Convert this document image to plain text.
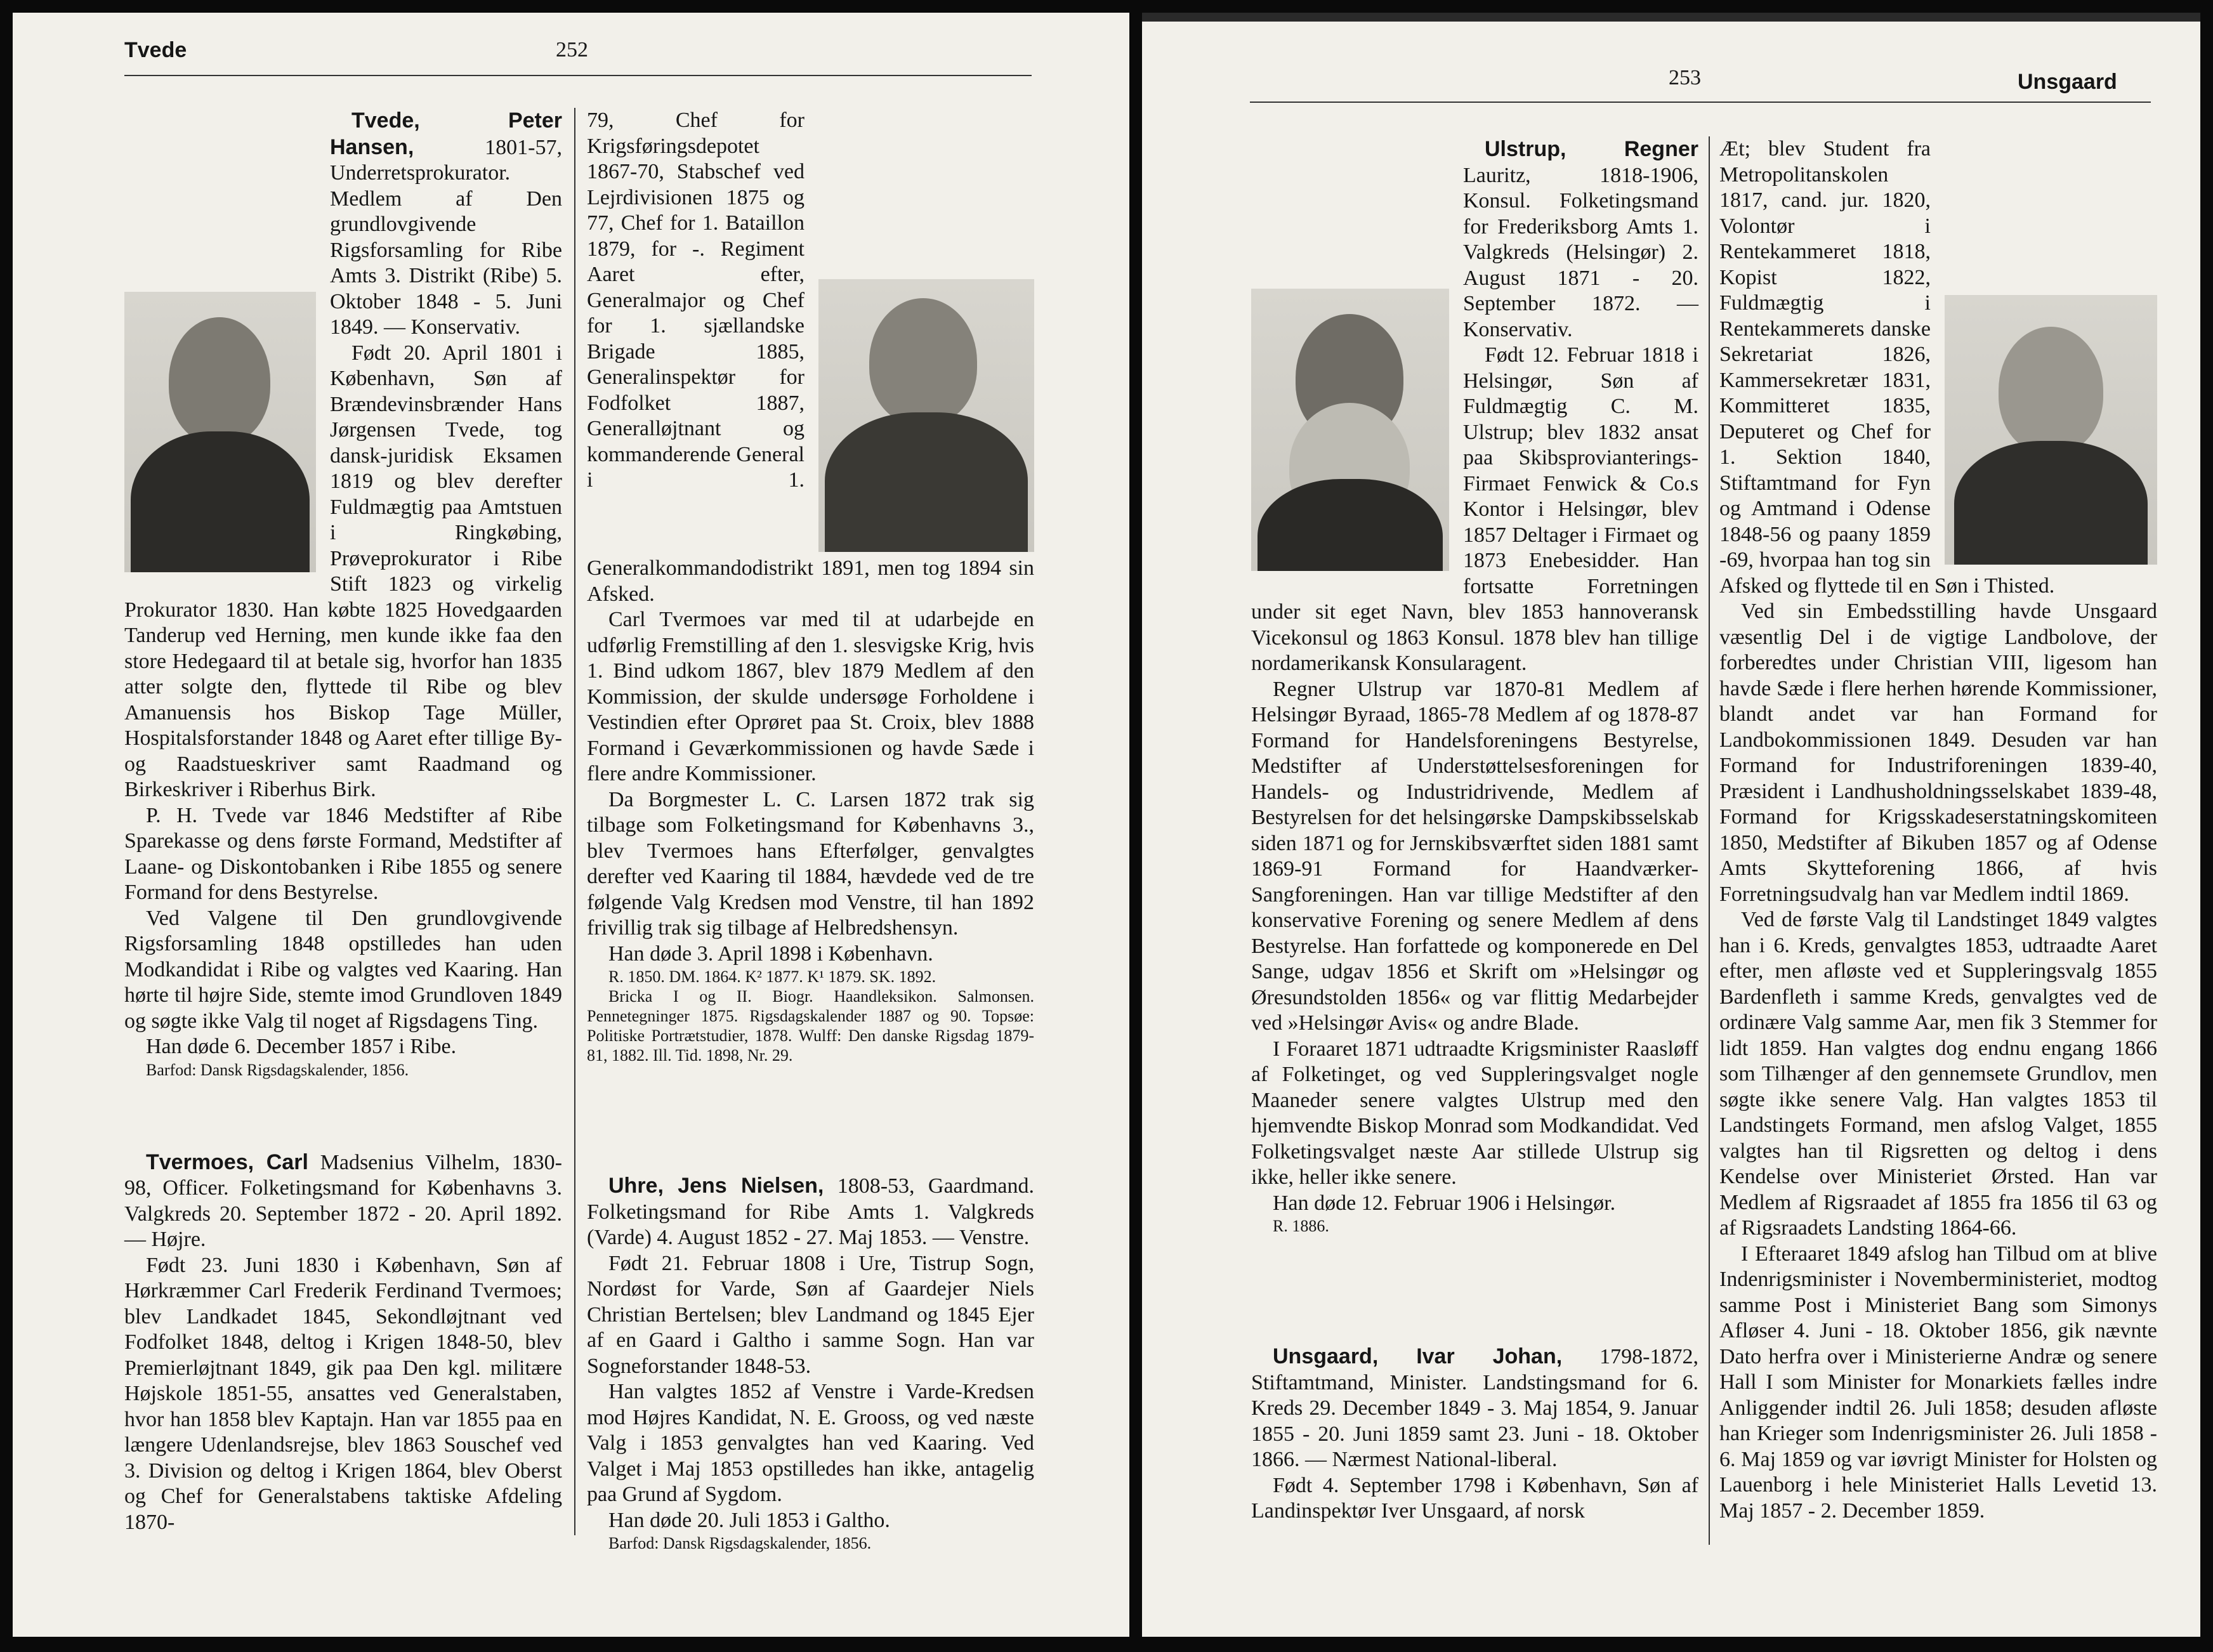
Tvede	252

Tvede, Peter Hansen, 1801-57, Underretsprokurator. Medlem af Den grundlovgivende Rigsforsamling for Ribe Amts 3. Distrikt (Ribe) 5. Oktober 1848 - 5. Juni 1849. — Konservativ.

Født 20. April 1801 i København, Søn af Brændevinsbrænder Hans Jørgensen Tvede, tog dansk-juridisk Eksamen 1819 og blev derefter Fuldmægtig paa Amtstuen i Ringkøbing, Prøveprokurator i Ribe Stift 1823 og virkelig Prokurator 1830. Han købte 1825 Hovedgaarden Tanderup ved Herning, men kunde ikke faa den store Hedegaard til at betale sig, hvorfor han 1835 atter solgte den, flyttede til Ribe og blev Amanuensis hos Biskop Tage Müller, Hospitalsforstander 1848 og Aaret efter tillige By- og Raadstueskriver samt Raadmand og Birkeskriver i Riberhus Birk.

P. H. Tvede var 1846 Medstifter af Ribe Sparekasse og dens første Formand, Medstifter af Laane- og Diskontobanken i Ribe 1855 og senere Formand for dens Bestyrelse.

Ved Valgene til Den grundlovgivende Rigsforsamling 1848 opstilledes han uden Modkandidat i Ribe og valgtes ved Kaaring. Han hørte til højre Side, stemte imod Grundloven 1849 og søgte ikke Valg til noget af Rigsdagens Ting.

Han døde 6. December 1857 i Ribe.

Barfod: Dansk Rigsdagskalender, 1856.

Tvermoes, Carl Madsenius Vilhelm, 1830-98, Officer. Folketingsmand for Københavns 3. Valgkreds 20. September 1872 - 20. April 1892. — Højre.

Født 23. Juni 1830 i København, Søn af Hørkræmmer Carl Frederik Ferdinand Tvermoes; blev Landkadet 1845, Sekondløjtnant ved Fodfolket 1848, deltog i Krigen 1848-50, blev Premierløjtnant 1849, gik paa Den kgl. militære Højskole 1851-55, ansattes ved Generalstaben, hvor han 1858 blev Kaptajn. Han var 1855 paa en længere Udenlandsrejse, blev 1863 Souschef ved 3. Division og deltog i Krigen 1864, blev Oberst og Chef for Generalstabens taktiske Afdeling 1870-

79, Chef for Krigsføringsdepotet 1867-70, Stabschef ved Lejrdivisionen 1875 og 77, Chef for 1. Bataillon 1879, for -. Regiment Aaret efter, Generalmajor og Chef for 1. sjællandske Brigade 1885, Generalinspektør for Fodfolket 1887, Generalløjtnant og kommanderende General i 1. Generalkommandodistrikt 1891, men tog 1894 sin Afsked.

Carl Tvermoes var med til at udarbejde en udførlig Fremstilling af den 1. slesvigske Krig, hvis 1. Bind udkom 1867, blev 1879 Medlem af den Kommission, der skulde undersøge Forholdene i Vestindien efter Oprøret paa St. Croix, blev 1888 Formand i Geværkommissionen og havde Sæde i flere andre Kommissioner.

Da Borgmester L. C. Larsen 1872 trak sig tilbage som Folketingsmand for Københavns 3., blev Tvermoes hans Efterfølger, genvalgtes derefter ved Kaaring til 1884, hævdede ved de tre følgende Valg Kredsen mod Venstre, til han 1892 frivillig trak sig tilbage af Helbredshensyn.

Han døde 3. April 1898 i København.

R. 1850. DM. 1864. K² 1877. K¹ 1879. SK. 1892.

Bricka I og II. Biogr. Haandleksikon. Salmonsen. Pennetegninger 1875. Rigsdagskalender 1887 og 90. Topsøe: Politiske Portrætstudier, 1878. Wulff: Den danske Rigsdag 1879-81, 1882. Ill. Tid. 1898, Nr. 29.

Uhre, Jens Nielsen, 1808-53, Gaardmand. Folketingsmand for Ribe Amts 1. Valgkreds (Varde) 4. August 1852 - 27. Maj 1853. — Venstre.

Født 21. Februar 1808 i Ure, Tistrup Sogn, Nordøst for Varde, Søn af Gaardejer Niels Christian Bertelsen; blev Landmand og 1845 Ejer af en Gaard i Galtho i samme Sogn. Han var Sogneforstander 1848-53.

Han valgtes 1852 af Venstre i Varde-Kredsen mod Højres Kandidat, N. E. Grooss, og ved næste Valg i 1853 genvalgtes han ved Kaaring. Ved Valget i Maj 1853 opstilledes han ikke, antagelig paa Grund af Sygdom.

Han døde 20. Juli 1853 i Galtho.

Barfod: Dansk Rigsdagskalender, 1856.

253	Unsgaard

Ulstrup, Regner Lauritz, 1818-1906, Konsul. Folketingsmand for Frederiksborg Amts 1. Valgkreds (Helsingør) 2. August 1871 - 20. September 1872. — Konservativ.

Født 12. Februar 1818 i Helsingør, Søn af Fuldmægtig C. M. Ulstrup; blev 1832 ansat paa Skibsprovianterings-Firmaet Fenwick & Co.s Kontor i Helsingør, blev 1857 Deltager i Firmaet og 1873 Enebesidder. Han fortsatte Forretningen under sit eget Navn, blev 1853 hannoveransk Vicekonsul og 1863 Konsul. 1878 blev han tillige nordamerikansk Konsularagent.

Regner Ulstrup var 1870-81 Medlem af Helsingør Byraad, 1865-78 Medlem af og 1878-87 Formand for Handelsforeningens Bestyrelse, Medstifter af Understøttelsesforeningen for Handels- og Industridrivende, Medlem af Bestyrelsen for det helsingørske Dampskibsselskab siden 1871 og for Jernskibsværftet siden 1881 samt 1869-91 Formand for Haandværker-Sangforeningen. Han var tillige Medstifter af den konservative Forening og senere Medlem af dens Bestyrelse. Han forfattede og komponerede en Del Sange, udgav 1856 et Skrift om »Helsingør og Øresundstolden 1856« og var flittig Medarbejder ved »Helsingør Avis« og andre Blade.

I Foraaret 1871 udtraadte Krigsminister Raasløff af Folketinget, og ved Suppleringsvalget nogle Maaneder senere valgtes Ulstrup med den hjemvendte Biskop Monrad som Modkandidat. Ved Folketingsvalget næste Aar stillede Ulstrup sig ikke, heller ikke senere.

Han døde 12. Februar 1906 i Helsingør.

R. 1886.

Unsgaard, Ivar Johan, 1798-1872, Stiftamtmand, Minister. Landstingsmand for 6. Kreds 29. December 1849 - 3. Maj 1854, 9. Januar 1855 - 20. Juni 1859 samt 23. Juni - 18. Oktober 1866. — Nærmest National-liberal.

Født 4. September 1798 i København, Søn af Landinspektør Iver Unsgaard, af norsk

Æt; blev Student fra Metropolitanskolen 1817, cand. jur. 1820, Volontør i Rentekammeret 1818, Kopist 1822, Fuldmægtig i Rentekammerets danske Sekretariat 1826, Kammersekretær 1831, Kommitteret 1835, Deputeret og Chef for 1. Sektion 1840, Stiftamtmand for Fyn og Amtmand i Odense 1848-56 og paany 1859 -69, hvorpaa han tog sin Afsked og flyttede til en Søn i Thisted.

Ved sin Embedsstilling havde Unsgaard væsentlig Del i de vigtige Landbolove, der forberedtes under Christian VIII, ligesom han havde Sæde i flere herhen hørende Kommissioner, blandt andet var han Formand for Landbokommissionen 1849. Desuden var han Formand for Industriforeningen 1839-40, Præsident i Landhusholdningsselskabet 1839-48, Formand for Krigsskadeserstatningskomiteen 1850, Medstifter af Bikuben 1857 og af Odense Amts Skytteforening 1866, af hvis Forretningsudvalg han var Medlem indtil 1869.

Ved de første Valg til Landstinget 1849 valgtes han i 6. Kreds, genvalgtes 1853, udtraadte Aaret efter, men afløste ved et Suppleringsvalg 1855 Bardenfleth i samme Kreds, genvalgtes ved de ordinære Valg samme Aar, men fik 3 Stemmer for lidt 1859. Han valgtes dog endnu engang 1866 som Tilhænger af den gennemsete Grundlov, men søgte ikke senere Valg. Han valgtes 1853 til Landstingets Formand, men afslog Valget, 1855 valgtes han til Rigsretten og deltog i dens Kendelse over Ministeriet Ørsted. Han var Medlem af Rigsraadet af 1855 fra 1856 til 63 og af Rigsraadets Landsting 1864-66.

I Efteraaret 1849 afslog han Tilbud om at blive Indenrigsminister i Novemberministeriet, modtog samme Post i Ministeriet Bang som Simonys Afløser 4. Juni - 18. Oktober 1856, gik nævnte Dato herfra over i Ministerierne Andræ og senere Hall I som Minister for Monarkiets fælles indre Anliggender indtil 26. Juli 1858; desuden afløste han Krieger som Indenrigsminister 26. Juli 1858 - 6. Maj 1859 og var iøvrigt Minister for Holsten og Lauenborg i hele Ministeriet Halls Levetid 13. Maj 1857 - 2. December 1859.
